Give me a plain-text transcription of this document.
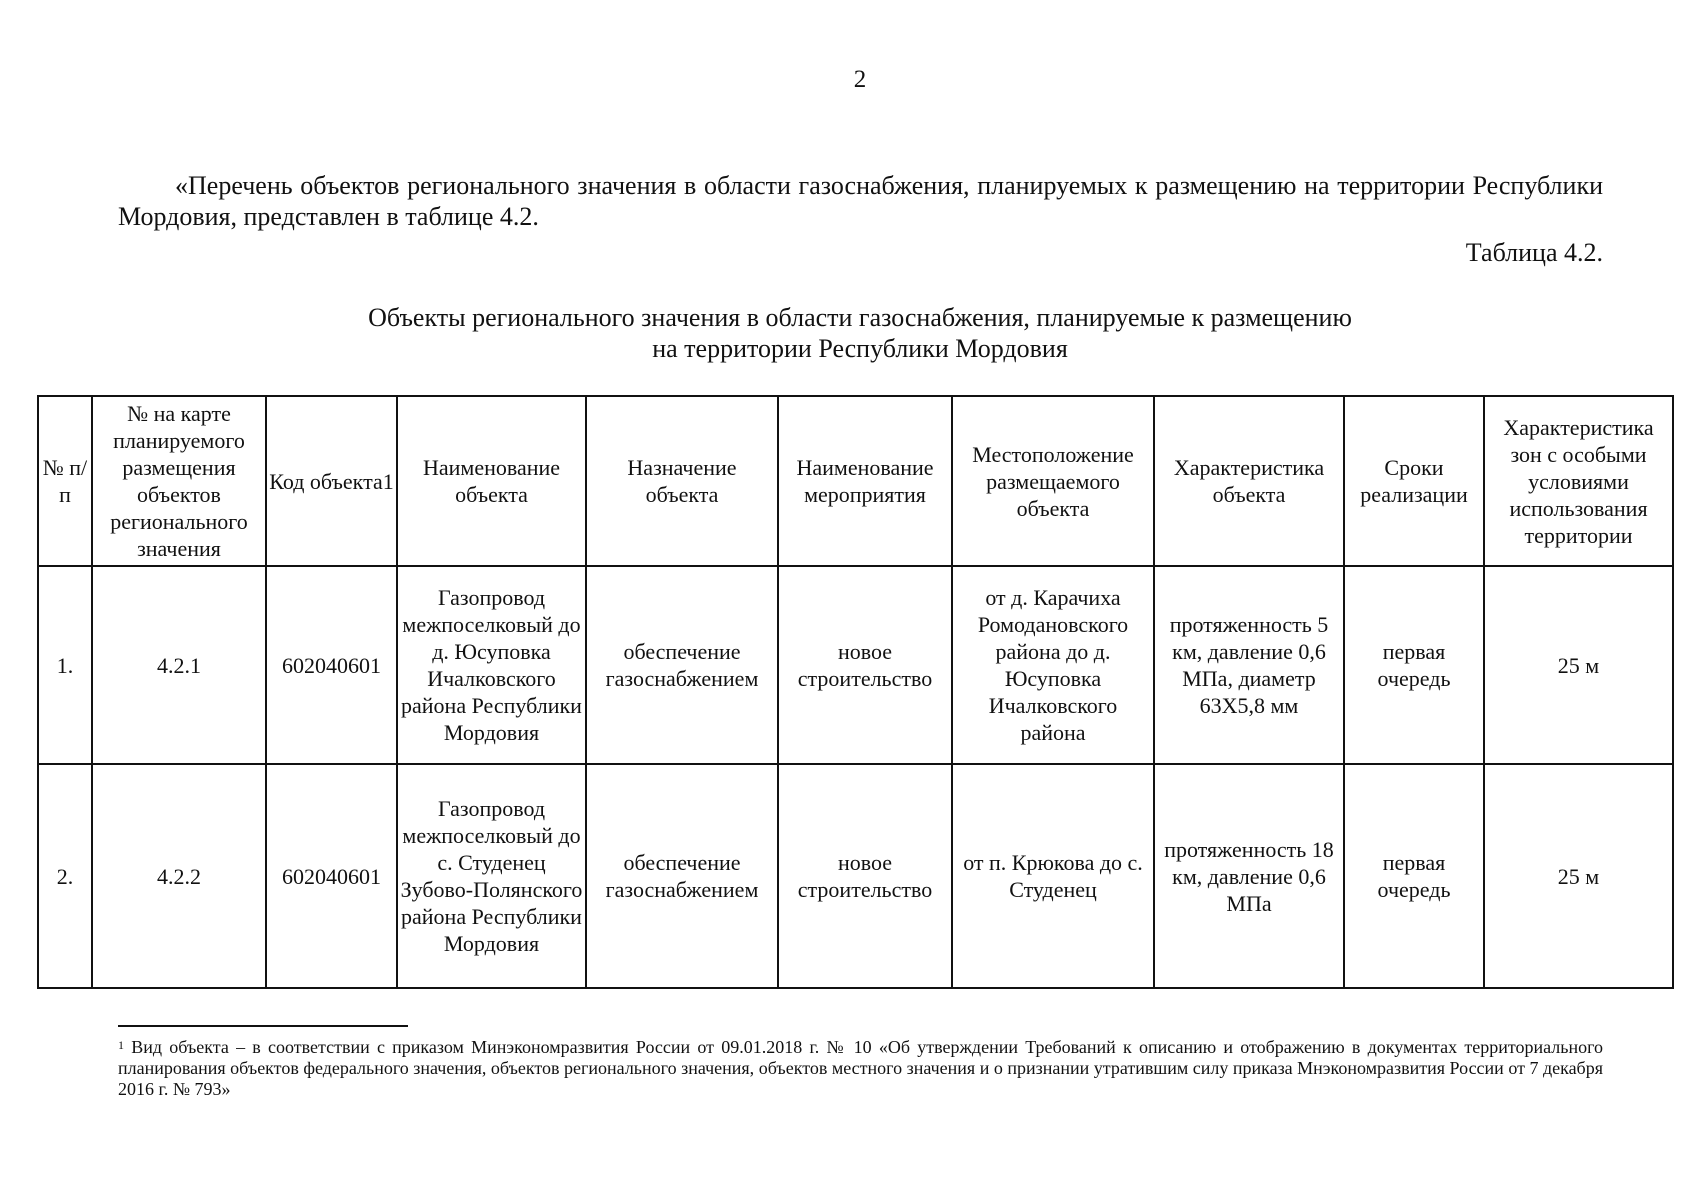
2
«Перечень объектов регионального значения в области газоснабжения, планируемых к размещению на территории Республики Мордовия, представлен в таблице 4.2.
Таблица 4.2.
Объекты регионального значения в области газоснабжения, планируемые к размещению
на территории Республики Мордовия
№ п/п	№ на карте планируемого размещения объектов регионального значения	Код объекта1	Наименование объекта	Назначение объекта	Наименование мероприятия	Местоположение размещаемого объекта	Характеристика объекта	Сроки реализации	Характеристика зон с особыми условиями использования территории
1.	4.2.1	602040601	Газопровод межпоселковый до д. Юсуповка Ичалковского района Республики Мордовия	обеспечение газоснабжением	новое строительство	от д. Карачиха Ромодановского района до д. Юсуповка Ичалковского района	протяженность 5 км, давление 0,6 МПа, диаметр 63Х5,8 мм	первая очередь	25 м
2.	4.2.2	602040601	Газопровод межпоселковый до с. Студенец Зубово-Полянского района Республики Мордовия	обеспечение газоснабжением	новое строительство	от п. Крюкова до с. Студенец	протяженность 18 км, давление 0,6 МПа	первая очередь	25 м
$^1$ Вид объекта – в соответствии с приказом Минэкономразвития России от 09.01.2018 г. № 10 «Об утверждении Требований к описанию и отображению в документах территориального планирования объектов федерального значения, объектов регионального значения, объектов местного значения и о признании утратившим силу приказа Мнэкономразвития России от 7 декабря 2016 г. № 793»
